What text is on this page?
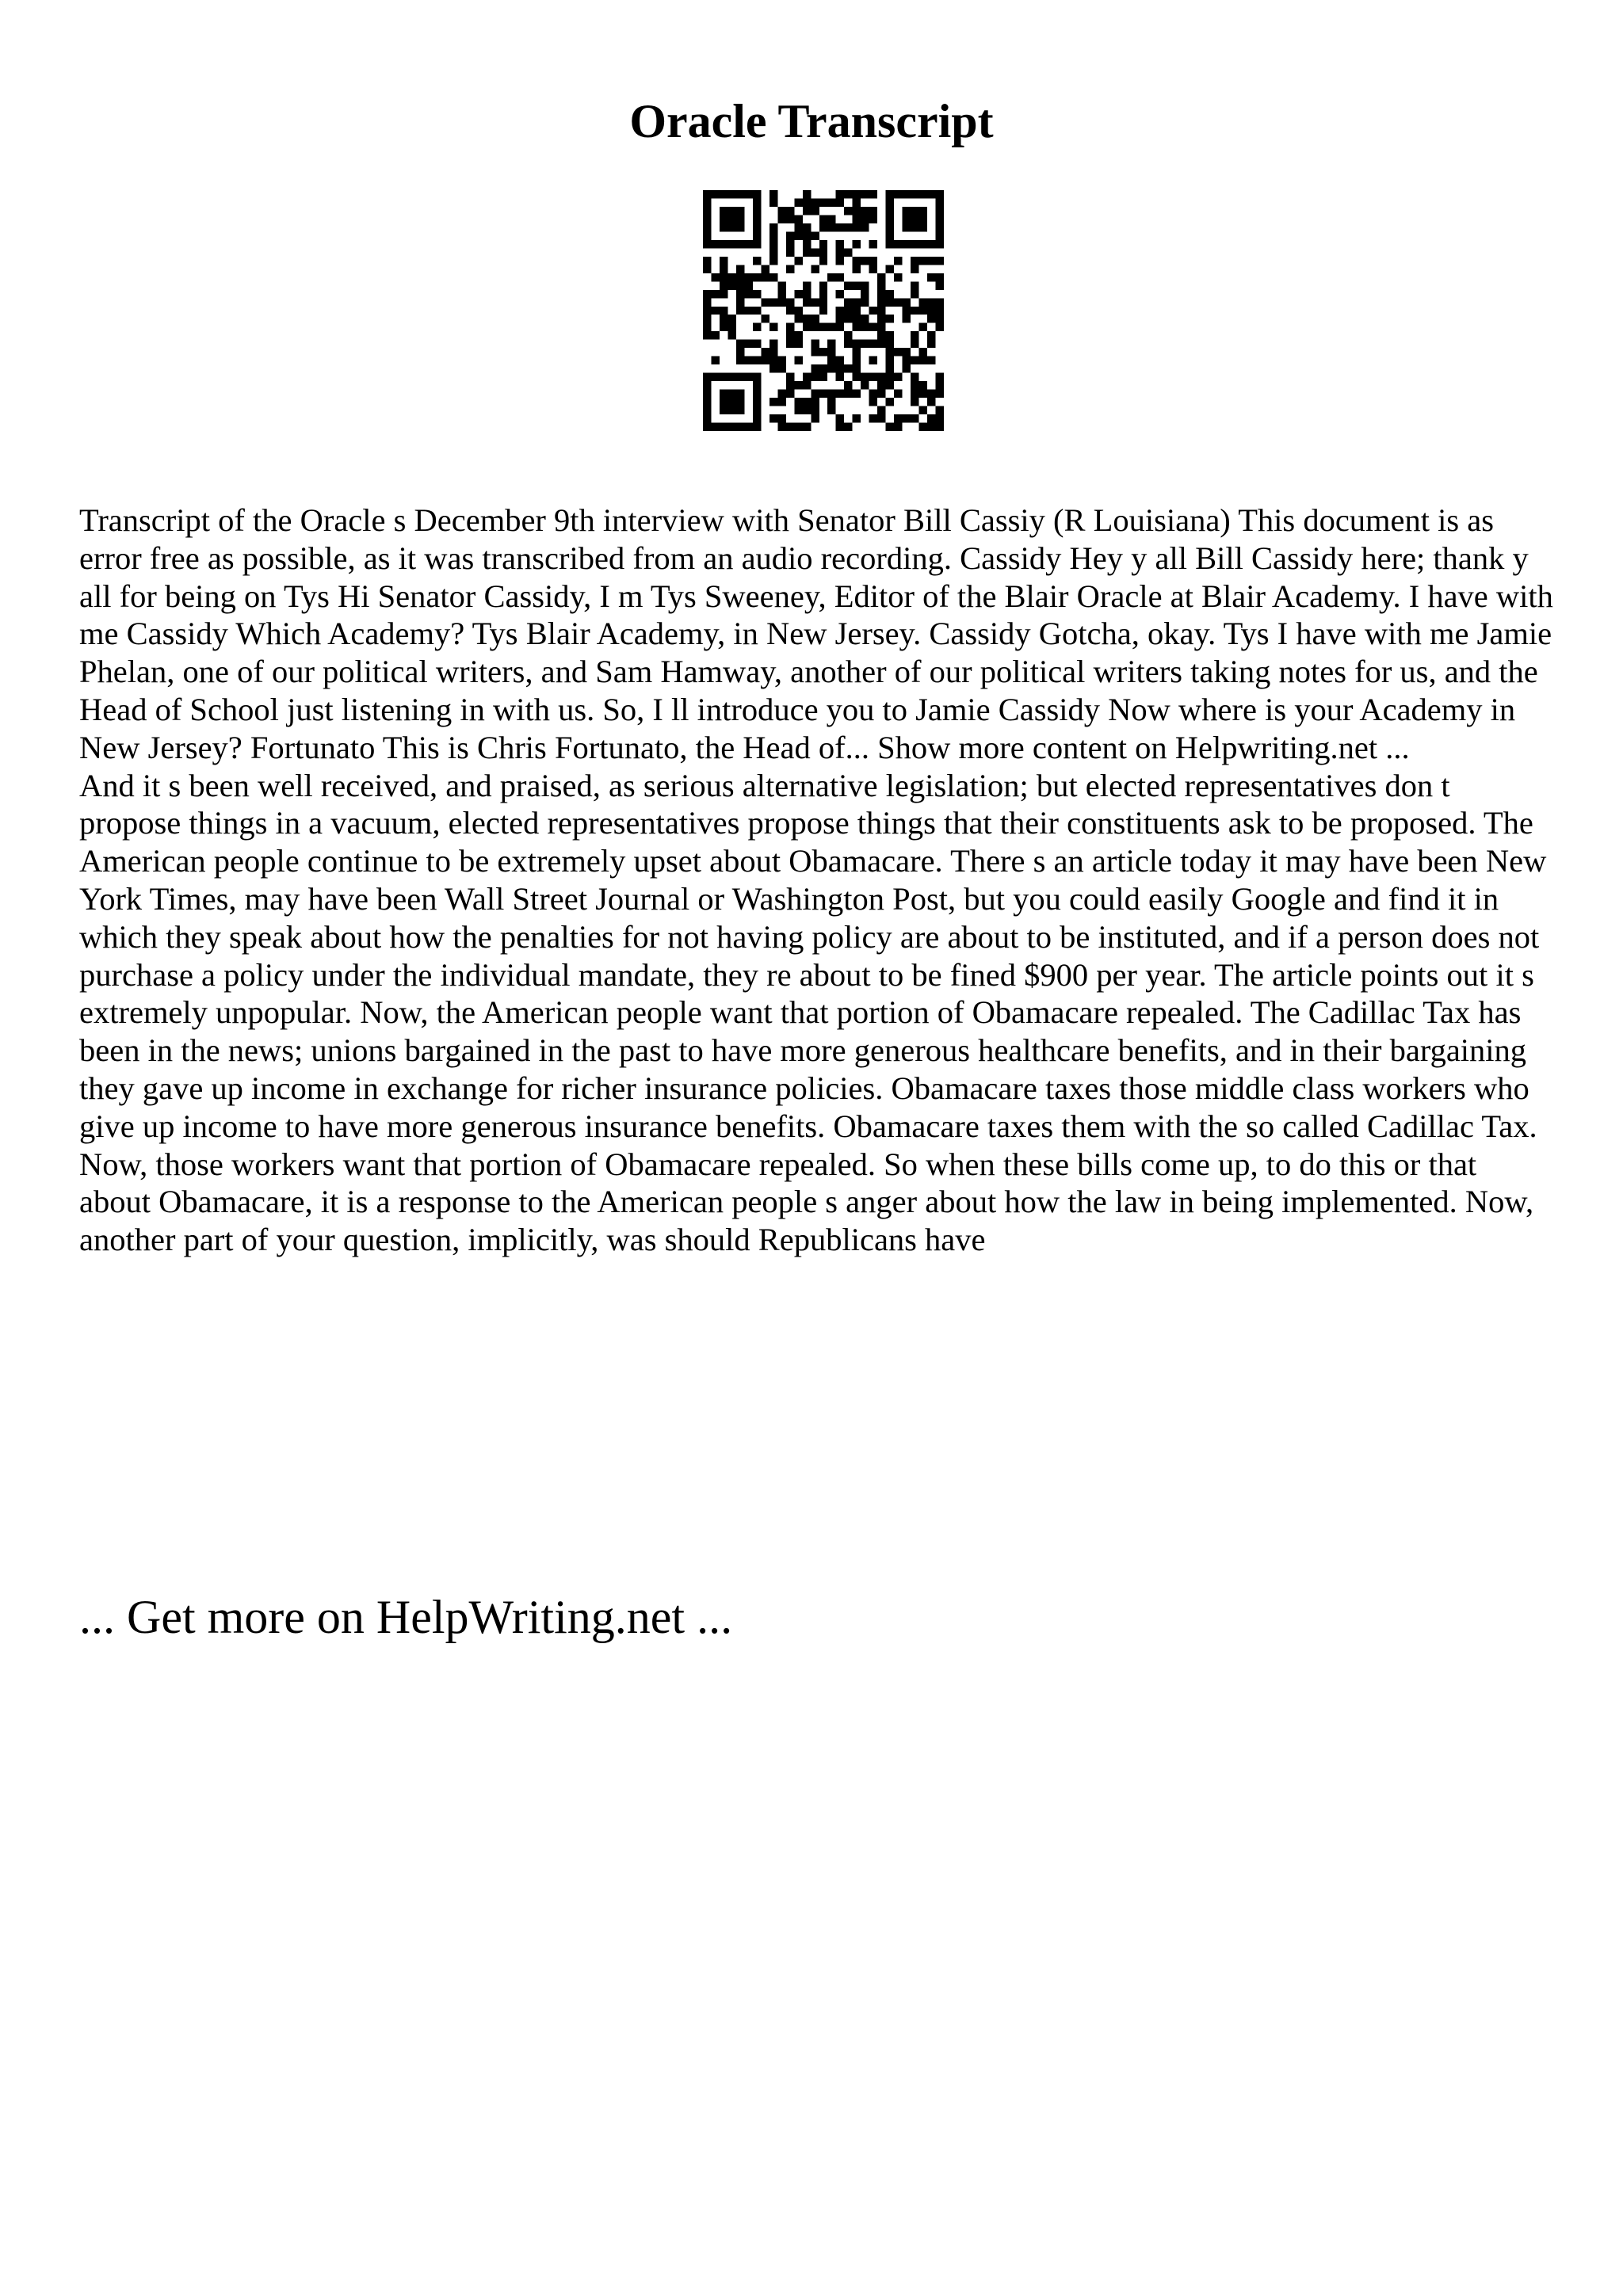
Oracle Transcript

Transcript of the Oracle s December 9th interview with Senator Bill Cassiy (R Louisiana) This document is as error free as possible, as it was transcribed from an audio recording. Cassidy Hey y all Bill Cassidy here; thank y all for being on Tys Hi Senator Cassidy, I m Tys Sweeney, Editor of the Blair Oracle at Blair Academy. I have with me Cassidy Which Academy? Tys Blair Academy, in New Jersey. Cassidy Gotcha, okay. Tys I have with me Jamie Phelan, one of our political writers, and Sam Hamway, another of our political writers taking notes for us, and the Head of School just listening in with us. So, I ll introduce you to Jamie Cassidy Now where is your Academy in New Jersey? Fortunato This is Chris Fortunato, the Head of... Show more content on Helpwriting.net ...

And it s been well received, and praised, as serious alternative legislation; but elected representatives don t propose things in a vacuum, elected representatives propose things that their constituents ask to be proposed. The American people continue to be extremely upset about Obamacare. There s an article today it may have been New York Times, may have been Wall Street Journal or Washington Post, but you could easily Google and find it in which they speak about how the penalties for not having policy are about to be instituted, and if a person does not purchase a policy under the individual mandate, they re about to be fined $900 per year. The article points out it s extremely unpopular. Now, the American people want that portion of Obamacare repealed. The Cadillac Tax has been in the news; unions bargained in the past to have more generous healthcare benefits, and in their bargaining they gave up income in exchange for richer insurance policies. Obamacare taxes those middle class workers who give up income to have more generous insurance benefits. Obamacare taxes them with the so called Cadillac Tax. Now, those workers want that portion of Obamacare repealed. So when these bills come up, to do this or that about Obamacare, it is a response to the American people s anger about how the law in being implemented. Now, another part of your question, implicitly, was should Republicans have

... Get more on HelpWriting.net ...
